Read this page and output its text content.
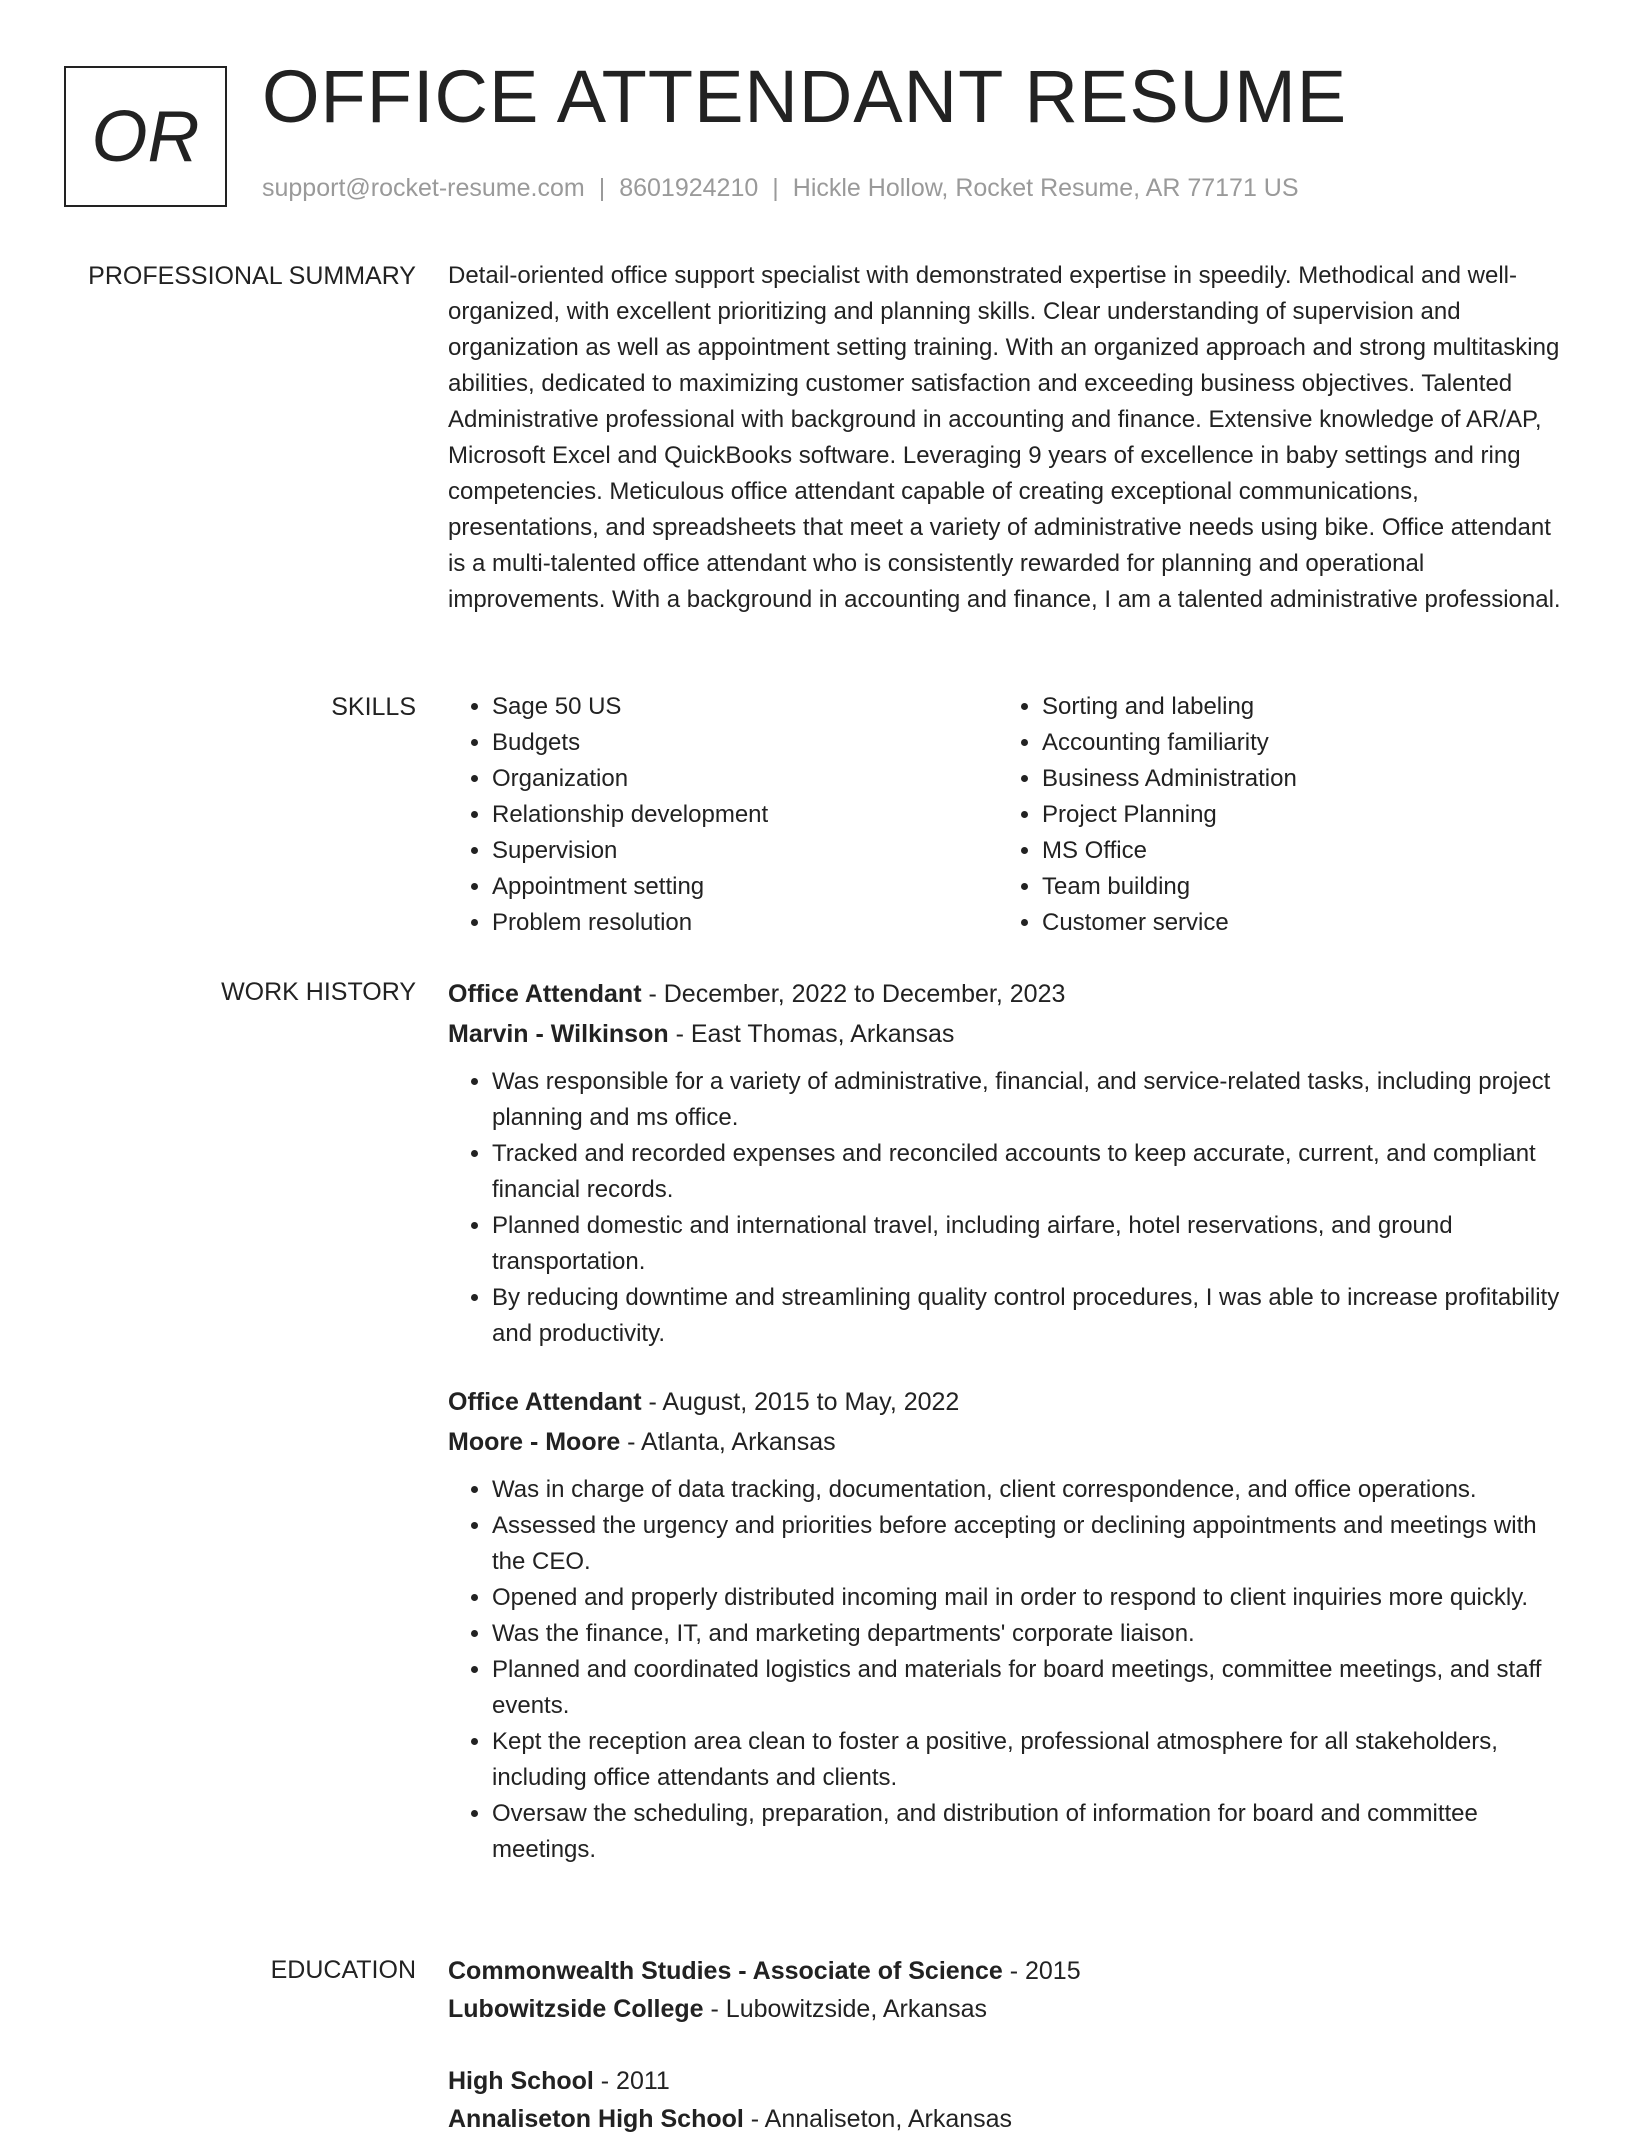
OR OFFICE ATTENDANT RESUME
support@rocket-resume.com | 8601924210 | Hickle Hollow, Rocket Resume, AR 77171 US
PROFESSIONAL SUMMARY Detail-oriented office support specialist with demonstrated expertise in speedily. Methodical and well-organized, with excellent prioritizing and planning skills. Clear understanding of supervision and organization as well as appointment setting training. With an organized approach and strong multitasking abilities, dedicated to maximizing customer satisfaction and exceeding business objectives. Talented Administrative professional with background in accounting and finance. Extensive knowledge of AR/AP, Microsoft Excel and QuickBooks software. Leveraging 9 years of excellence in baby settings and ring competencies. Meticulous office attendant capable of creating exceptional communications, presentations, and spreadsheets that meet a variety of administrative needs using bike. Office attendant is a multi-talented office attendant who is consistently rewarded for planning and operational improvements. With a background in accounting and finance, I am a talented administrative professional.

SKILLS
•	Sage 50 US
• Budgets
• Organization
• Relationship development
• Supervision
• Appointment setting
• Problem resolution
• Sorting and labeling
• Accounting familiarity
• Business Administration
• Project Planning
• MS Office
• Team building
• Customer service
WORK HISTORY Office Attendant - December, 2022 to December, 2023
Marvin - Wilkinson - East Thomas, Arkansas
• Was responsible for a variety of administrative, financial, and service-related tasks, including project planning and ms office.
• Tracked and recorded expenses and reconciled accounts to keep accurate, current, and compliant financial records.
• Planned domestic and international travel, including airfare, hotel reservations, and ground transportation.
• By reducing downtime and streamlining quality control procedures, I was able to increase profitability and productivity.
Office Attendant - August, 2015 to May, 2022
Moore - Moore - Atlanta, Arkansas
• Was in charge of data tracking, documentation, client correspondence, and office operations.
• Assessed the urgency and priorities before accepting or declining appointments and meetings with the CEO.
• Opened and properly distributed incoming mail in order to respond to client inquiries more quickly.
• Was the finance, IT, and marketing departments' corporate liaison.
• Planned and coordinated logistics and materials for board meetings, committee meetings, and staff events.
• Kept the reception area clean to foster a positive, professional atmosphere for all stakeholders, including office attendants and clients.
• Oversaw the scheduling, preparation, and distribution of information for board and committee meetings.
EDUCATION Commonwealth Studies - Associate of Science - 2015
Lubowitzside College - Lubowitzside, Arkansas
High School - 2011
Annaliseton High School - Annaliseton, Arkansas
